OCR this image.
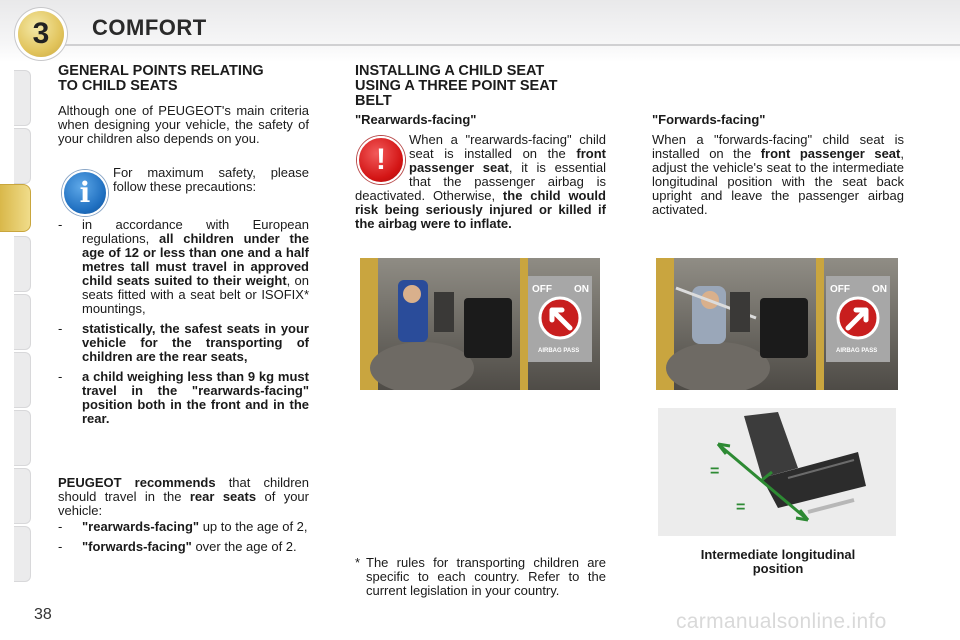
3	COMFORT
GENERAL POINTS RELATING
TO CHILD SEATS
Although one of PEUGEOT's main criteria when designing your vehicle, the safety of your children also depends on you.
i
For maximum safety, please follow these precautions:
- in accordance with European regulations, all children under the age of 12 or less than one and a half metres tall must travel in approved child seats suited to their weight, on seats fitted with a seat belt or ISOFIX* mountings,
- statistically, the safest seats in your vehicle for the transporting of children are the rear seats,
- a child weighing less than 9 kg must travel in the "rearwards-facing" position both in the front and in the rear.
PEUGEOT recommends that children should travel in the rear seats of your vehicle:
- "rearwards-facing" up to the age of 2,
- "forwards-facing" over the age of 2.
INSTALLING A CHILD SEAT
USING A THREE POINT SEAT
BELT
"Rearwards-facing"
!
When a "rearwards-facing" child seat is installed on the front passenger seat, it is essential that the passenger airbag is deactivated. Otherwise, the child would risk being seriously injured or killed if the airbag were to inflate.
OFF ON
AIRBAG PASS
* The rules for transporting children are specific to each country. Refer to the current legislation in your country.
"Forwards-facing"
When a "forwards-facing" child seat is installed on the front passenger seat, adjust the vehicle's seat to the intermediate longitudinal position with the seat back upright and leave the passenger airbag activated.
OFF ON
AIRBAG PASS
=
=
Intermediate longitudinal position
38	carmanualsonline.info
